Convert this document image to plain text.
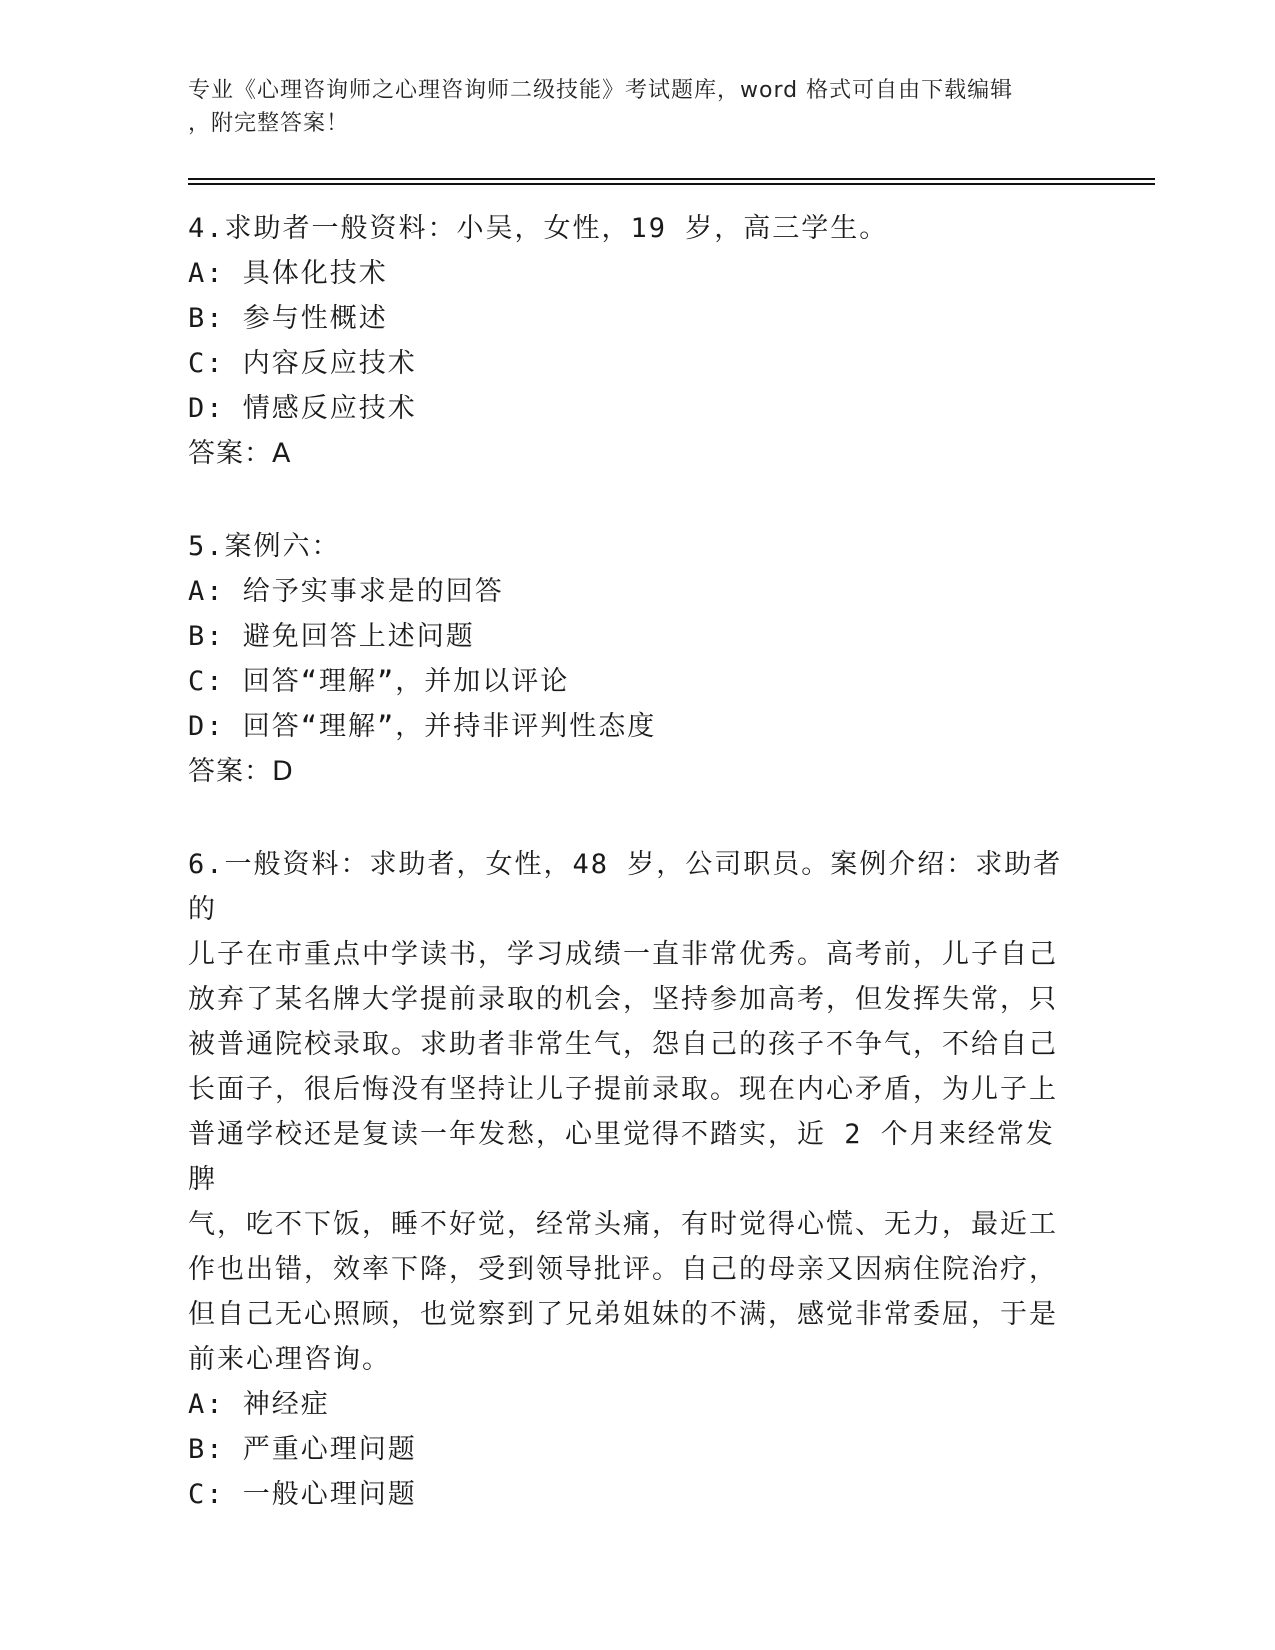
专业《心理咨询师之心理咨询师二级技能》考试题库，word 格式可自由下载编辑
，附完整答案！

4.求助者一般资料：小吴，女性，19 岁，高三学生。

A: 具体化技术

B: 参与性概述

C: 内容反应技术

D: 情感反应技术

答案：A

5.案例六：

A: 给予实事求是的回答

B: 避免回答上述问题

C: 回答“理解”，并加以评论

D: 回答“理解”，并持非评判性态度

答案：D

6.一般资料：求助者，女性，48 岁，公司职员。案例介绍：求助者的

儿子在市重点中学读书，学习成绩一直非常优秀。高考前，儿子自己

放弃了某名牌大学提前录取的机会，坚持参加高考，但发挥失常，只

被普通院校录取。求助者非常生气，怨自己的孩子不争气，不给自己

长面子，很后悔没有坚持让儿子提前录取。现在内心矛盾，为儿子上

普通学校还是复读一年发愁，心里觉得不踏实，近 2 个月来经常发脾

气，吃不下饭，睡不好觉，经常头痛，有时觉得心慌、无力，最近工

作也出错，效率下降，受到领导批评。自己的母亲又因病住院治疗，

但自己无心照顾，也觉察到了兄弟姐妹的不满，感觉非常委屈，于是

前来心理咨询。

A: 神经症

B: 严重心理问题

C: 一般心理问题
